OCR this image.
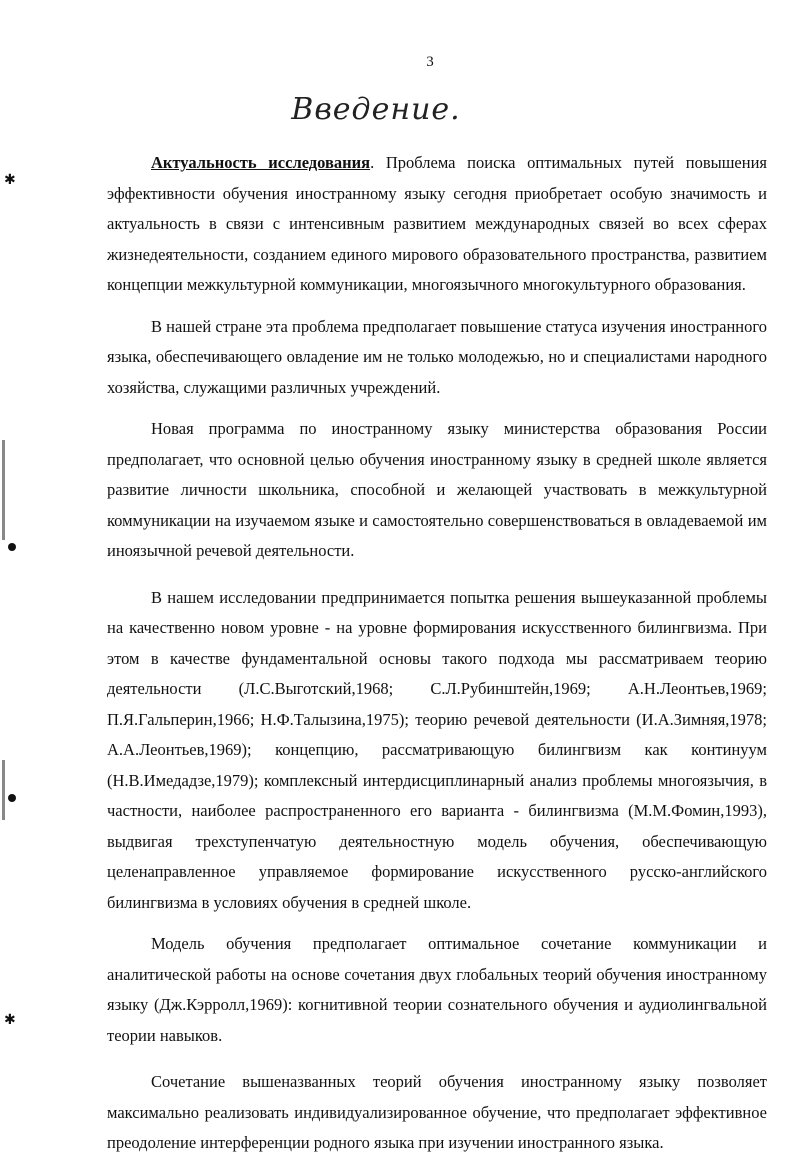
✱
✱
3
Введение.

Актуальность исследования. Проблема поиска оптимальных путей повышения эффективности обучения иностранному языку сегодня приобретает особую значимость и актуальность в связи с интенсивным развитием международных связей во всех сферах жизнедеятельности, созданием единого мирового образовательного пространства, развитием концепции межкультурной коммуникации, многоязычного многокультурного образования.

В нашей стране эта проблема предполагает повышение статуса изучения иностранного языка, обеспечивающего овладение им не только молодежью, но и специалистами народного хозяйства, служащими различных учреждений.

Новая программа по иностранному языку министерства образования России предполагает, что основной целью обучения иностранному языку в средней школе является развитие личности школьника, способной и желающей участвовать в межкультурной коммуникации на изучаемом языке и самостоятельно совершенствоваться в овладеваемой им иноязычной речевой деятельности.

В нашем исследовании предпринимается попытка решения вышеуказанной проблемы на качественно новом уровне - на уровне формирования искусственного билингвизма. При этом в качестве фундаментальной основы такого подхода мы рассматриваем теорию деятельности (Л.С.Выготский,1968; С.Л.Рубинштейн,1969; А.Н.Леонтьев,1969; П.Я.Гальперин,1966; Н.Ф.Талызина,1975); теорию речевой деятельности (И.А.Зимняя,1978; А.А.Леонтьев,1969); концепцию, рассматривающую билингвизм как континуум (Н.В.Имедадзе,1979); комплексный интердисциплинарный анализ проблемы многоязычия, в частности, наиболее распространенного его варианта - билингвизма (М.М.Фомин,1993), выдвигая трехступенчатую деятельностную модель обучения, обеспечивающую целенаправленное управляемое формирование искусственного русско-английского билингвизма в условиях обучения в средней школе.

Модель обучения предполагает оптимальное сочетание коммуникации и аналитической работы на основе сочетания двух глобальных теорий обучения иностранному языку (Дж.Кэрролл,1969): когнитивной теории сознательного обучения и аудиолингвальной теории навыков.

Сочетание вышеназванных теорий обучения иностранному языку позволяет максимально реализовать индивидуализированное обучение, что предполагает эффективное преодоление интерференции родного языка при изучении иностранного языка.
